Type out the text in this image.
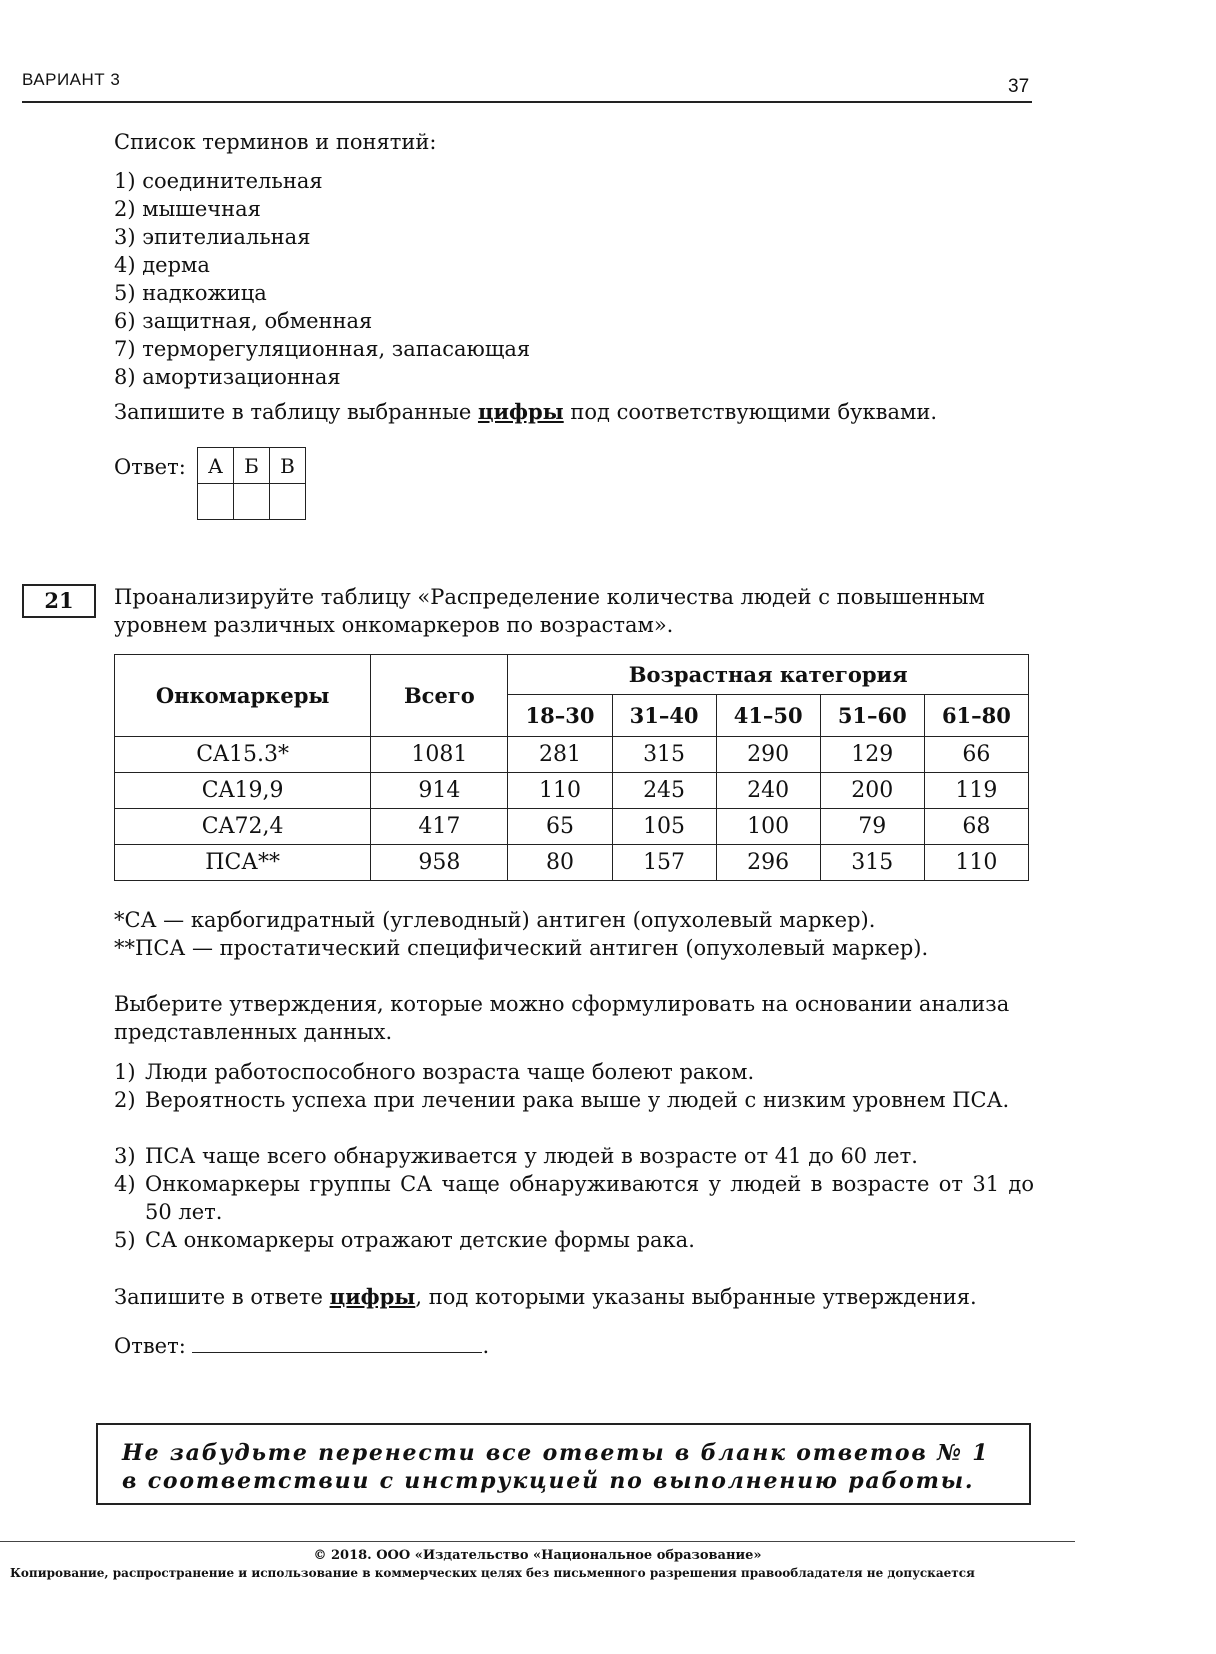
ВАРИАНТ 3	37
Список терминов и понятий:
1) соединительная
2) мышечная
3) эпителиальная
4) дерма
5) надкожица
6) защитная, обменная
7) терморегуляционная, запасающая
8) амортизационная
Запишите в таблицу выбранные цифры под соответствующими буквами.
Ответ: А	Б	В

21	Проанализируйте таблицу «Распределение количества людей с повышенным
уровнем различных онкомаркеров по возрастам».
Онкомаркеры	Всего	Возрастная категория				
		18–30	31–40	41–50	51–60	61–80
CA15.3*	1081	281	315	290	129	66
CA19,9	914	110	245	240	200	119
CA72,4	417	65	105	100	79	68
ПСА**	958	80	157	296	315	110
*СА — карбогидратный (углеводный) антиген (опухолевый маркер).
**ПСА — простатический специфический антиген (опухолевый маркер).
Выберите утверждения, которые можно сформулировать на основании анализа
представленных данных.
1) Люди работоспособного возраста чаще болеют раком.
2) Вероятность успеха при лечении рака выше у людей с низким уровнем ПСА.
3) ПСА чаще всего обнаруживается у людей в возрасте от 41 до 60 лет.
4) Онкомаркеры группы СА чаще обнаруживаются у людей в возрасте от 31 до 50 лет.
5) СА онкомаркеры отражают детские формы рака.
Запишите в ответе цифры, под которыми указаны выбранные утверждения.
Ответ:	.
Не забудьте перенести все ответы в бланк ответов № 1
в соответствии с инструкцией по выполнению работы.
© 2018. ООО «Издательство «Национальное образование»
Копирование, распространение и использование в коммерческих целях без письменного разрешения правообладателя не допускается
